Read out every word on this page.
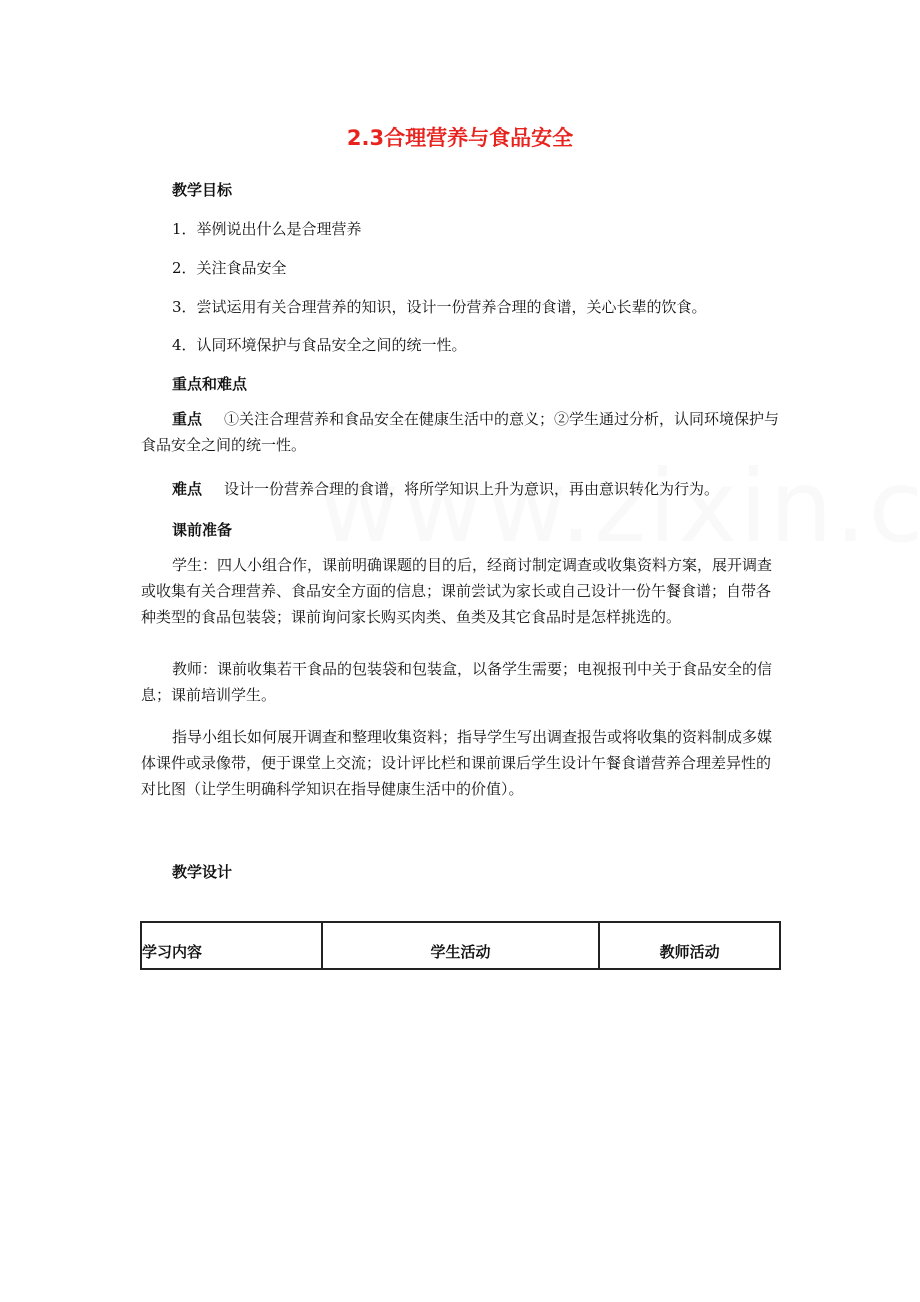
2.3合理营养与食品安全
教学目标
1．举例说出什么是合理营养
2．关注食品安全
3．尝试运用有关合理营养的知识，设计一份营养合理的食谱，关心长辈的饮食。
4．认同环境保护与食品安全之间的统一性。
重点和难点
重点 ①关注合理营养和食品安全在健康生活中的意义；②学生通过分析，认同环境保护与食品安全之间的统一性。
难点 设计一份营养合理的食谱，将所学知识上升为意识，再由意识转化为行为。
课前准备
学生：四人小组合作，课前明确课题的目的后，经商讨制定调查或收集资料方案，展开调查或收集有关合理营养、食品安全方面的信息；课前尝试为家长或自己设计一份午餐食谱；自带各种类型的食品包装袋；课前询问家长购买肉类、鱼类及其它食品时是怎样挑选的。
教师：课前收集若干食品的包装袋和包装盒，以备学生需要；电视报刊中关于食品安全的信息；课前培训学生。
指导小组长如何展开调查和整理收集资料；指导学生写出调查报告或将收集的资料制成多媒体课件或录像带，便于课堂上交流；设计评比栏和课前课后学生设计午餐食谱营养合理差异性的对比图（让学生明确科学知识在指导健康生活中的价值）。
教学设计
学习内容	学生活动	教师活动
